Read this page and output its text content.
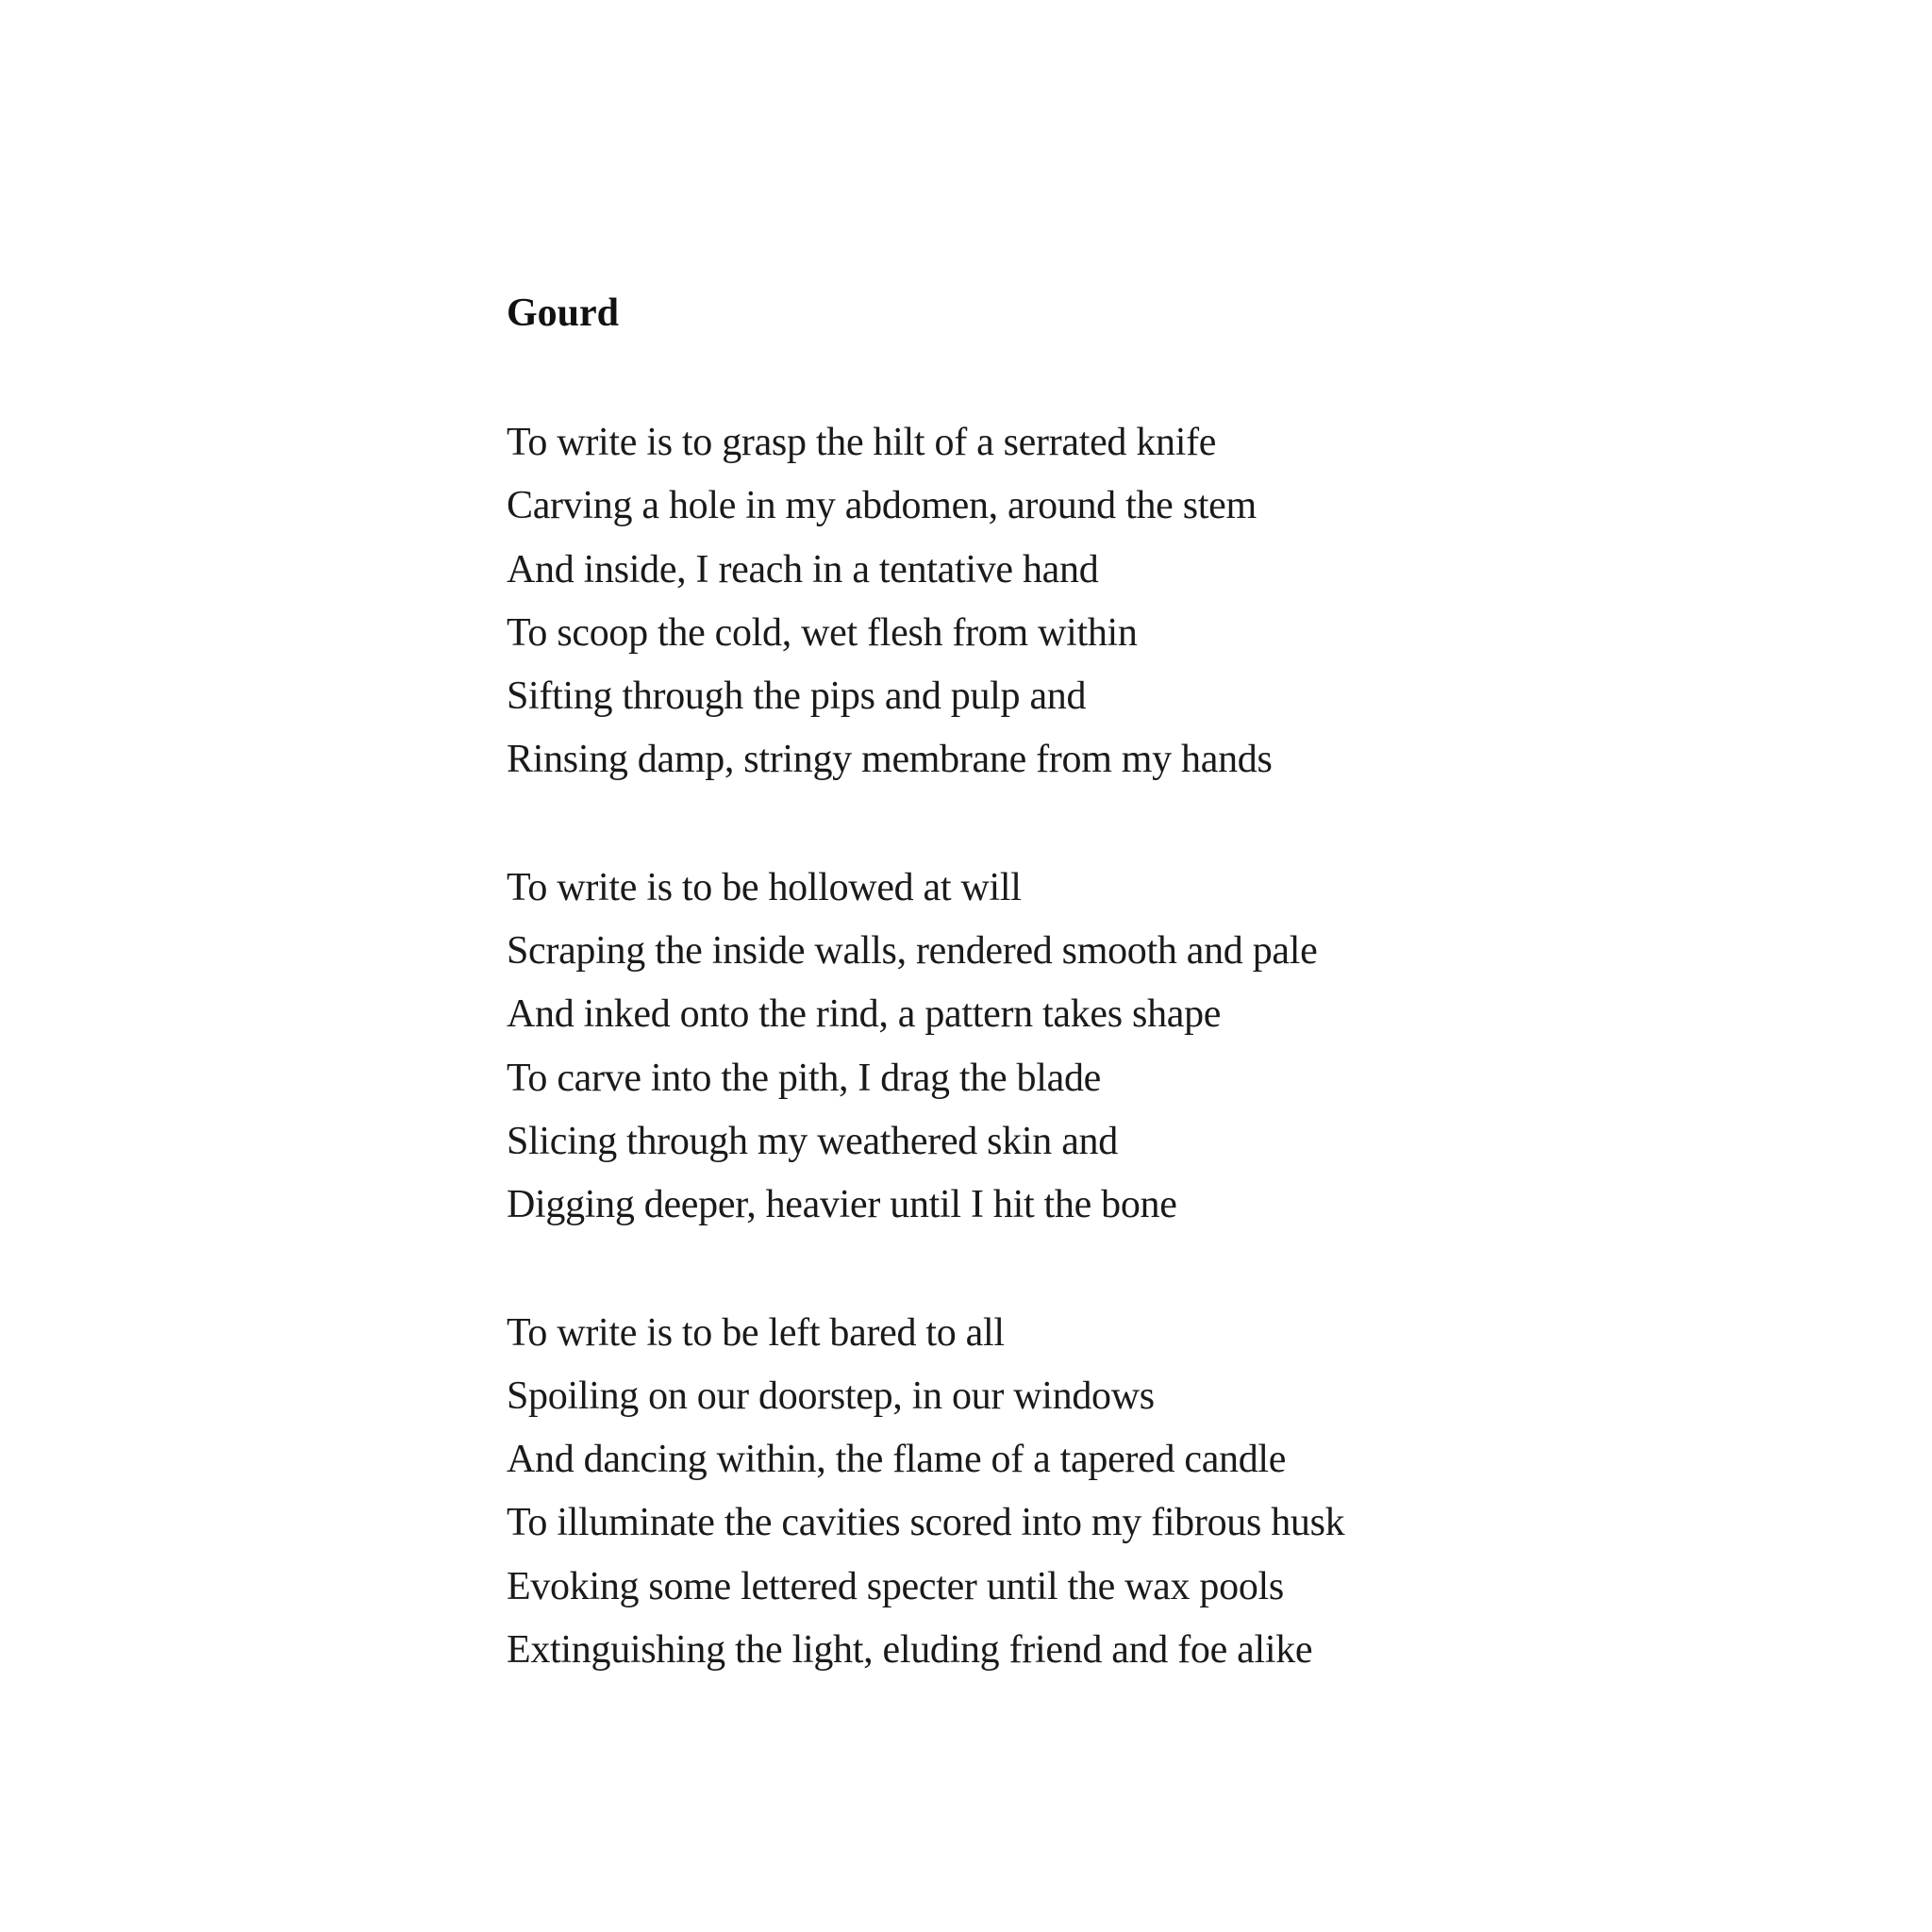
Gourd
To write is to grasp the hilt of a serrated knife
Carving a hole in my abdomen, around the stem
And inside, I reach in a tentative hand
To scoop the cold, wet flesh from within
Sifting through the pips and pulp and
Rinsing damp, stringy membrane from my hands
To write is to be hollowed at will
Scraping the inside walls, rendered smooth and pale
And inked onto the rind, a pattern takes shape
To carve into the pith, I drag the blade
Slicing through my weathered skin and
Digging deeper, heavier until I hit the bone
To write is to be left bared to all
Spoiling on our doorstep, in our windows
And dancing within, the flame of a tapered candle
To illuminate the cavities scored into my fibrous husk
Evoking some lettered specter until the wax pools
Extinguishing the light, eluding friend and foe alike
